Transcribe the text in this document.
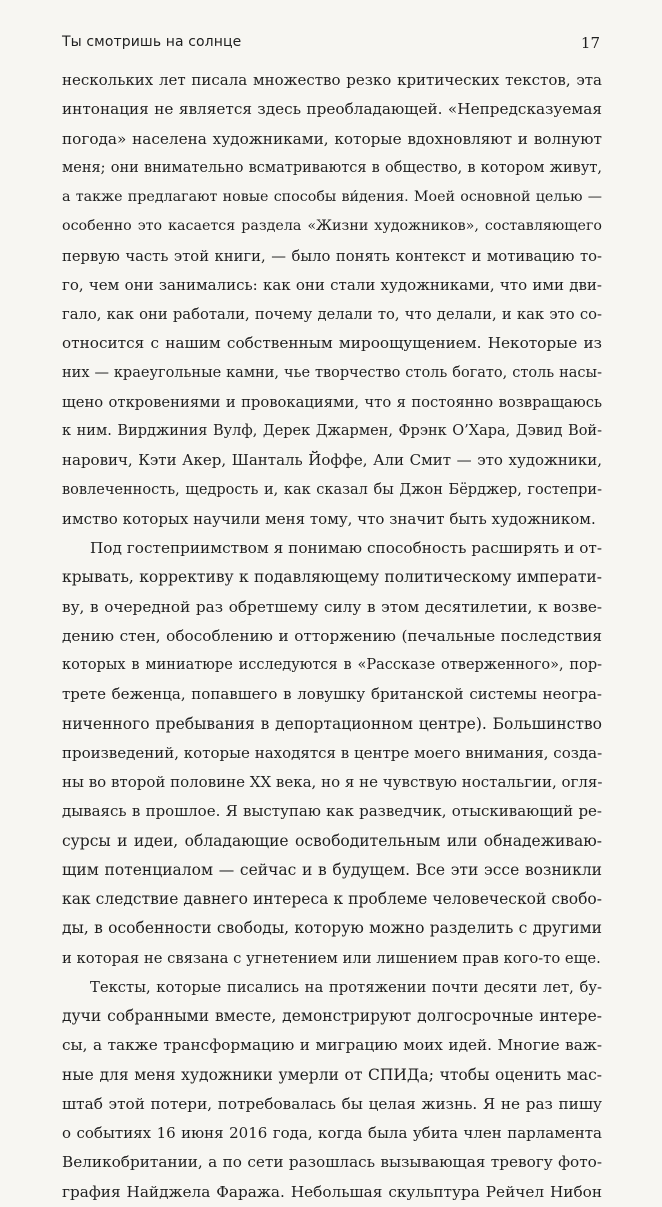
Ты смотришь на солнце	17
нескольких лет писала множество резко критических текстов, эта
интонация не является здесь преобладающей. «Непредсказуемая
погода» населена художниками, которые вдохновляют и волнуют
меня; они внимательно всматриваются в общество, в котором живут,
а также предлагают новые способы ви́дения. Моей основной целью —
особенно это касается раздела «Жизни художников», составляющего
первую часть этой книги, — было понять контекст и мотивацию то-
го, чем они занимались: как они стали художниками, что ими дви-
гало, как они работали, почему делали то, что делали, и как это со-
относится с нашим собственным мироощущением. Некоторые из
них — краеугольные камни, чье творчество столь богато, столь насы-
щено откровениями и провокациями, что я постоянно возвращаюсь
к ним. Вирджиния Вулф, Дерек Джармен, Фрэнк О’Хара, Дэвид Вой-
нарович, Кэти Акер, Шанталь Йоффе, Али Смит — это художники,
вовлеченность, щедрость и, как сказал бы Джон Бёрджер, гостепри-
имство которых научили меня тому, что значит быть художником.
Под гостеприимством я понимаю способность расширять и от-
крывать, коррективу к подавляющему политическому императи-
ву, в очередной раз обретшему силу в этом десятилетии, к возве-
дению стен, обособлению и отторжению (печальные последствия
которых в миниатюре исследуются в «Рассказе отверженного», пор-
трете беженца, попавшего в ловушку британской системы неогра-
ниченного пребывания в депортационном центре). Большинство
произведений, которые находятся в центре моего внимания, созда-
ны во второй половине XX века, но я не чувствую ностальгии, огля-
дываясь в прошлое. Я выступаю как разведчик, отыскивающий ре-
сурсы и идеи, обладающие освободительным или обнадеживаю-
щим потенциалом — сейчас и в будущем. Все эти эссе возникли
как следствие давнего интереса к проблеме человеческой свобо-
ды, в особенности свободы, которую можно разделить с другими
и которая не связана с угнетением или лишением прав кого-то еще.
Тексты, которые писались на протяжении почти десяти лет, бу-
дучи собранными вместе, демонстрируют долгосрочные интере-
сы, а также трансформацию и миграцию моих идей. Многие важ-
ные для меня художники умерли от СПИДа; чтобы оценить мас-
штаб этой потери, потребовалась бы целая жизнь. Я не раз пишу
о событиях 16 июня 2016 года, когда была убита член парламента
Великобритании, а по сети разошлась вызывающая тревогу фото-
графия Найджела Фаража. Небольшая скульптура Рейчел Нибон
